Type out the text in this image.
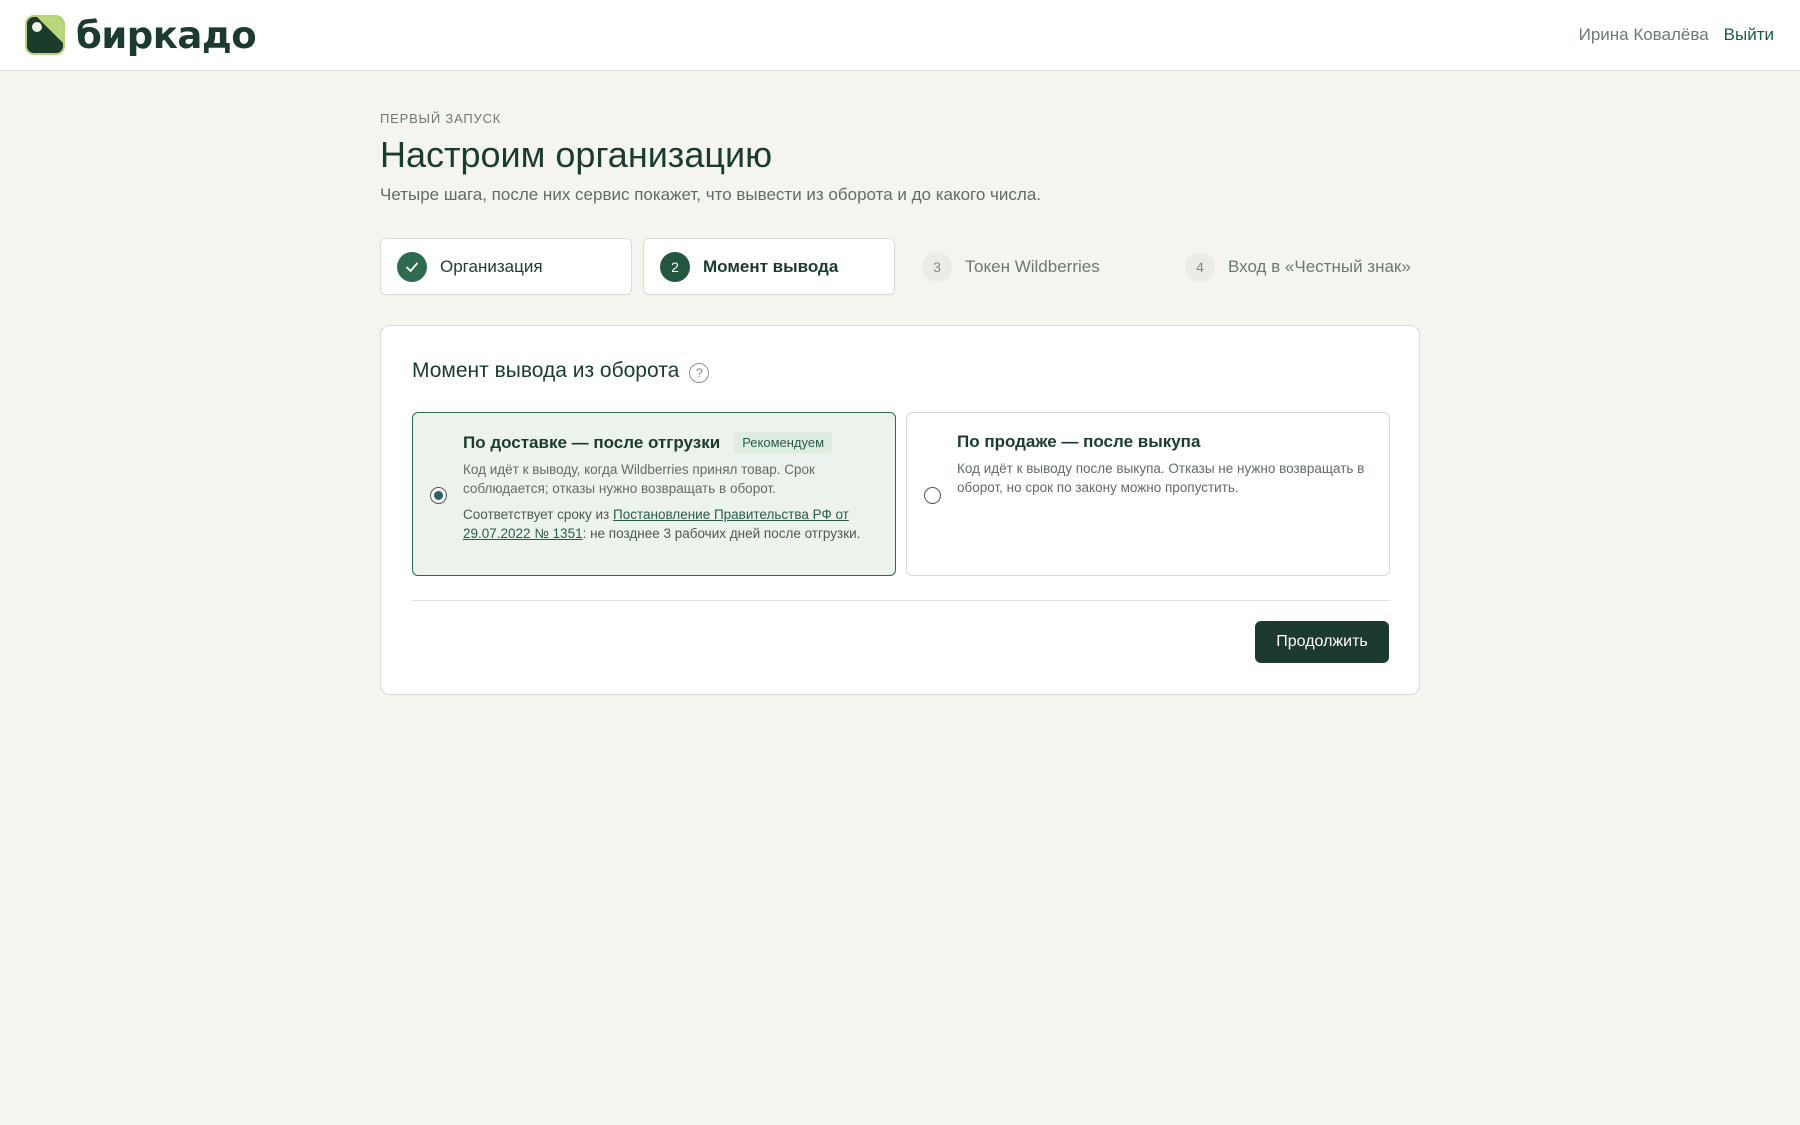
биркадо	Ирина Ковалёва Выйти
ПЕРВЫЙ ЗАПУСК
Настроим организацию

Четыре шага, после них сервис покажет, что вывести из оборота и до какого числа.

Организация	2	Момент вывода	3	Токен Wildberries	4	Вход в «Честный знак»
Момент вывода из оборота	?
По доставке — после отгрузки	Рекомендуем
Код идёт к выводу, когда Wildberries принял товар. Срок соблюдается; отказы нужно возвращать в оборот.
Соответствует сроку из Постановление Правительства РФ от 29.07.2022 № 1351: не позднее 3 рабочих дней после отгрузки.
По продаже — после выкупа
Код идёт к выводу после выкупа. Отказы не нужно возвращать в оборот, но срок по закону можно пропустить.
Продолжить
